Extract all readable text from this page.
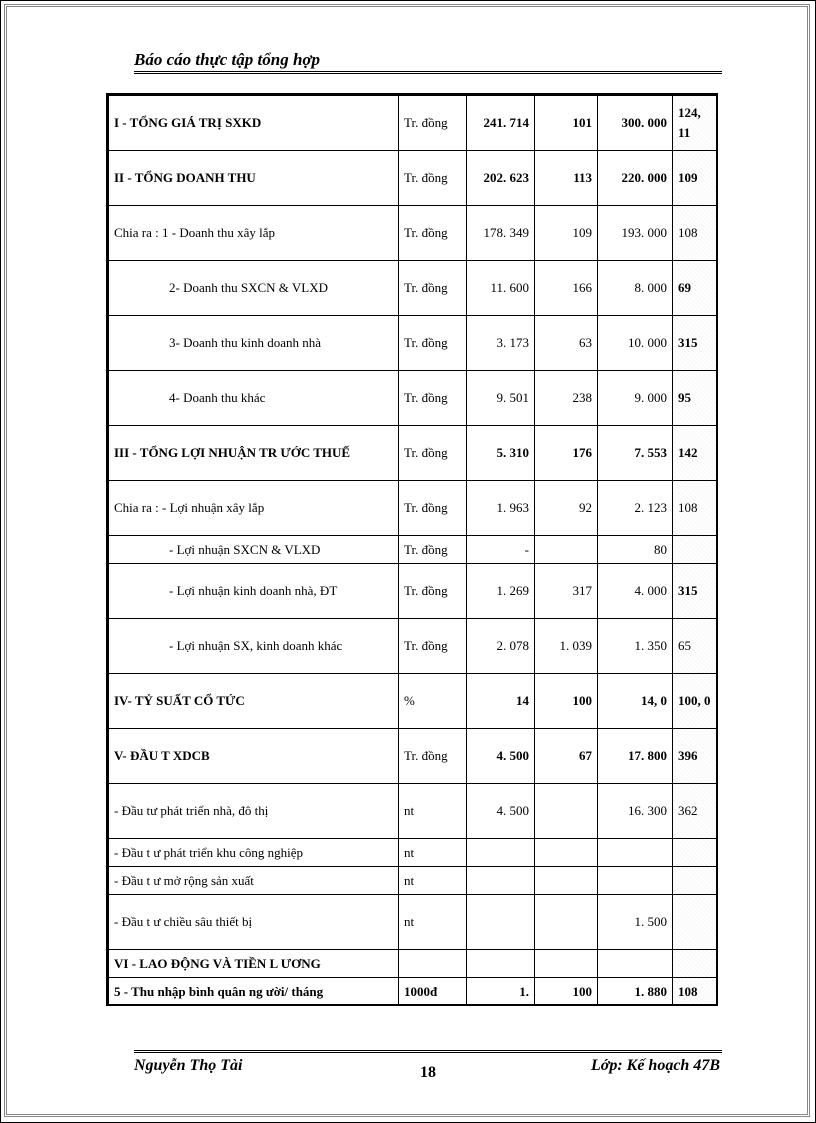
Báo cáo thực tập tổng hợp
I - TỔNG GIÁ TRỊ SXKD	Tr. đồng	241. 714	101	300. 000	124, 11
II - TỔNG DOANH THU	Tr. đồng	202. 623	113	220. 000	109
Chia ra : 1 - Doanh thu xây lắp	Tr. đồng	178. 349	109	193. 000	108
2- Doanh thu SXCN & VLXD	Tr. đồng	11. 600	166	8. 000	69
3- Doanh thu kinh doanh nhà	Tr. đồng	3. 173	63	10. 000	315
4- Doanh thu khác	Tr. đồng	9. 501	238	9. 000	95
III - TỔNG LỢI NHUẬN TR ƯỚC THUẾ	Tr. đồng	5. 310	176	7. 553	142
Chia ra : - Lợi nhuận xây lắp	Tr. đồng	1. 963	92	2. 123	108
- Lợi nhuận SXCN & VLXD	Tr. đồng	-		80	
- Lợi nhuận kinh doanh nhà, ĐT	Tr. đồng	1. 269	317	4. 000	315
- Lợi nhuận SX, kinh doanh khác	Tr. đồng	2. 078	1. 039	1. 350	65
IV- TỶ SUẤT CỔ TỨC	%	14	100	14, 0	100, 0
V- ĐẦU T XDCB	Tr. đồng	4. 500	67	17. 800	396
- Đầu tư phát triển nhà, đô thị	nt	4. 500		16. 300	362
- Đầu t ư phát triển khu công nghiệp	nt				
- Đầu t ư mở rộng sản xuất	nt				
- Đầu t ư chiều sâu thiết bị	nt			1. 500	
VI - LAO ĐỘNG VÀ TIỀN L ƯƠNG					
5 - Thu nhập bình quân ng ười/ tháng	1000đ	1.	100	1. 880	108
Nguyễn Thọ Tài	18	Lớp: Kế hoạch 47B
